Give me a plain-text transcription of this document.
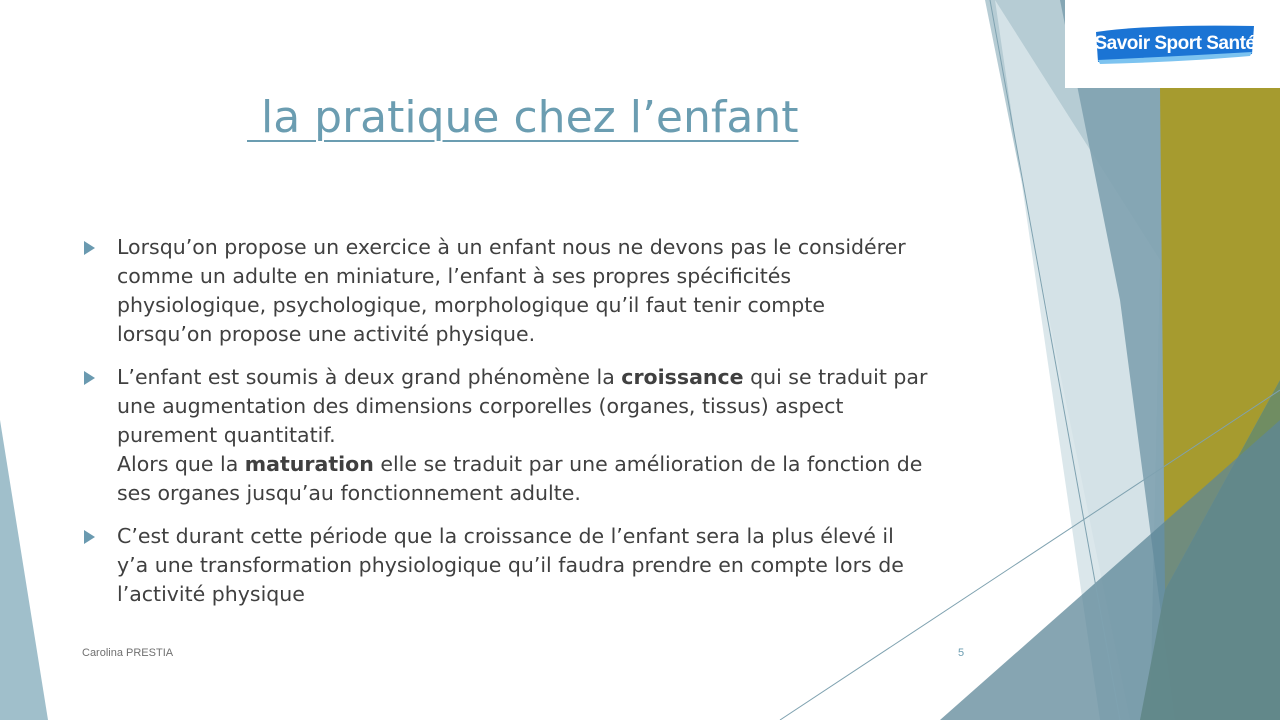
Savoir Sport Santé
la pratique chez l’enfant
Lorsqu’on propose un exercice à un enfant nous ne devons pas le considérer
comme un adulte en miniature, l’enfant à ses propres spécificités
physiologique, psychologique, morphologique qu’il faut tenir compte
lorsqu’on propose une activité physique.
L’enfant est soumis à deux grand phénomène la croissance qui se traduit par
une augmentation des dimensions corporelles (organes, tissus) aspect
purement quantitatif.
Alors que la maturation elle se traduit par une amélioration de la fonction de
ses organes jusqu’au fonctionnement adulte.
C’est durant cette période que la croissance de l’enfant sera la plus élevé il
y’a une transformation physiologique qu’il faudra prendre en compte lors de
l’activité physique
Carolina PRESTIA	5
